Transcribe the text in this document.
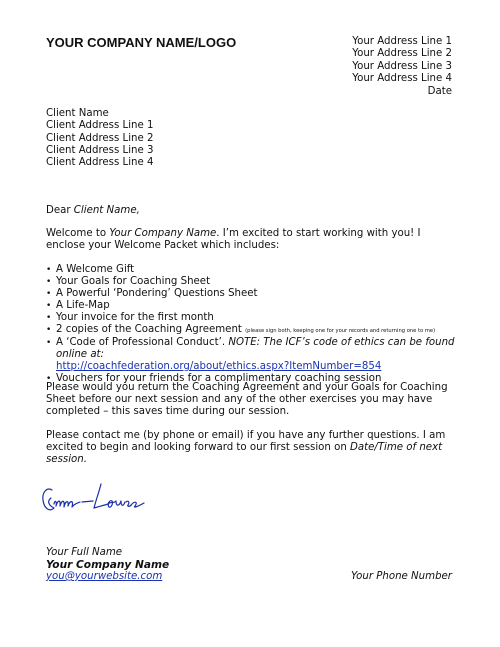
YOUR COMPANY NAME/LOGO	Your Address Line 1
Your Address Line 2
Your Address Line 3
Your Address Line 4
Date
Client Name
Client Address Line 1
Client Address Line 2
Client Address Line 3
Client Address Line 4
Dear Client Name,
Welcome to Your Company Name. I’m excited to start working with you! I enclose your Welcome Packet which includes:
• A Welcome Gift
• Your Goals for Coaching Sheet
• A Powerful ‘Pondering’ Questions Sheet
• A Life-Map
• Your invoice for the first month
• 2 copies of the Coaching Agreement (please sign both, keeping one for your records and returning one to me)
• A ‘Code of Professional Conduct’. NOTE: The ICF’s code of ethics can be found online at:
http://coachfederation.org/about/ethics.aspx?ItemNumber=854
• Vouchers for your friends for a complimentary coaching session
Please would you return the Coaching Agreement and your Goals for Coaching Sheet before our next session and any of the other exercises you may have completed – this saves time during our session.
Please contact me (by phone or email) if you have any further questions. I am excited to begin and looking forward to our first session on Date/Time of next session.
Emma-Louise
Your Full Name
Your Company Name
you@yourwebsite.com	Your Phone Number
